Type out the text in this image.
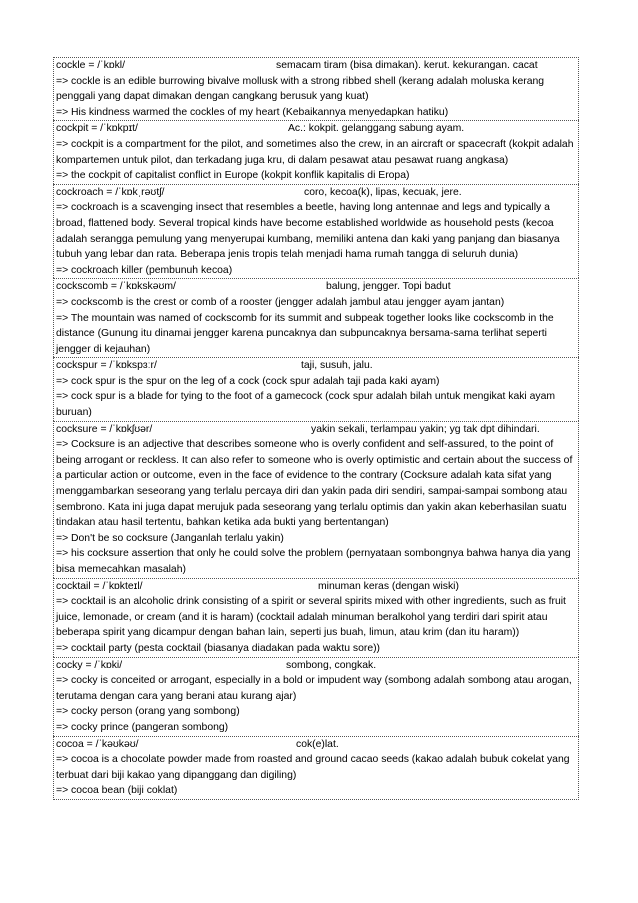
cockle = /ˈkɒkl/	semacam tiram (bisa dimakan). kerut. kekurangan. cacat
=> cockle is an edible burrowing bivalve mollusk with a strong ribbed shell (kerang adalah moluska kerang penggali yang dapat dimakan dengan cangkang berusuk yang kuat)
=> His kindness warmed the cockles of my heart (Kebaikannya menyedapkan hatiku)
cockpit = /ˈkɒkpɪt/	Ac.: kokpit. gelanggang sabung ayam.
=> cockpit is a compartment for the pilot, and sometimes also the crew, in an aircraft or spacecraft (kokpit adalah kompartemen untuk pilot, dan terkadang juga kru, di dalam pesawat atau pesawat ruang angkasa)
=> the cockpit of capitalist conflict in Europe (kokpit konflik kapitalis di Eropa)
cockroach = /ˈkɒkˌrəʊtʃ/	coro, kecoa(k), lipas, kecuak, jere.
=> cockroach is a scavenging insect that resembles a beetle, having long antennae and legs and typically a broad, flattened body. Several tropical kinds have become established worldwide as household pests (kecoa adalah serangga pemulung yang menyerupai kumbang, memiliki antena dan kaki yang panjang dan biasanya tubuh yang lebar dan rata. Beberapa jenis tropis telah menjadi hama rumah tangga di seluruh dunia)
=> cockroach killer (pembunuh kecoa)
cockscomb = /ˈkɒkskəʊm/	balung, jengger. Topi badut
=> cockscomb is the crest or comb of a rooster (jengger adalah jambul atau jengger ayam jantan)
=> The mountain was named of cockscomb for its summit and subpeak together looks like cockscomb in the distance (Gunung itu dinamai jengger karena puncaknya dan subpuncaknya bersama-sama terlihat seperti jengger di kejauhan)
cockspur = /ˈkɒkspɜːr/	taji, susuh, jalu.
=> cock spur is the spur on the leg of a cock (cock spur adalah taji pada kaki ayam)
=> cock spur is a blade for tying to the foot of a gamecock (cock spur adalah bilah untuk mengikat kaki ayam buruan)
cocksure = /ˈkɒkʃʊər/	yakin sekali, terlampau yakin; yg tak dpt dihindari.
=> Cocksure is an adjective that describes someone who is overly confident and self-assured, to the point of being arrogant or reckless. It can also refer to someone who is overly optimistic and certain about the success of a particular action or outcome, even in the face of evidence to the contrary (Cocksure adalah kata sifat yang menggambarkan seseorang yang terlalu percaya diri dan yakin pada diri sendiri, sampai-sampai sombong atau sembrono. Kata ini juga dapat merujuk pada seseorang yang terlalu optimis dan yakin akan keberhasilan suatu tindakan atau hasil tertentu, bahkan ketika ada bukti yang bertentangan)
=> Don't be so cocksure (Janganlah terlalu yakin)
=> his cocksure assertion that only he could solve the problem (pernyataan sombongnya bahwa hanya dia yang bisa memecahkan masalah)
cocktail = /ˈkɒkteɪl/	minuman keras (dengan wiski)
=> cocktail is an alcoholic drink consisting of a spirit or several spirits mixed with other ingredients, such as fruit juice, lemonade, or cream (and it is haram) (cocktail adalah minuman beralkohol yang terdiri dari spirit atau beberapa spirit yang dicampur dengan bahan lain, seperti jus buah, limun, atau krim (dan itu haram))
=> cocktail party (pesta cocktail (biasanya diadakan pada waktu sore))
cocky = /ˈkɒki/	sombong, congkak.
=> cocky is conceited or arrogant, especially in a bold or impudent way (sombong adalah sombong atau arogan, terutama dengan cara yang berani atau kurang ajar)
=> cocky person (orang yang sombong)
=> cocky prince (pangeran sombong)
cocoa = /ˈkəʊkəʊ/	cok(e)lat.
=> cocoa is a chocolate powder made from roasted and ground cacao seeds (kakao adalah bubuk cokelat yang terbuat dari biji kakao yang dipanggang dan digiling)
=> cocoa bean (biji coklat)
